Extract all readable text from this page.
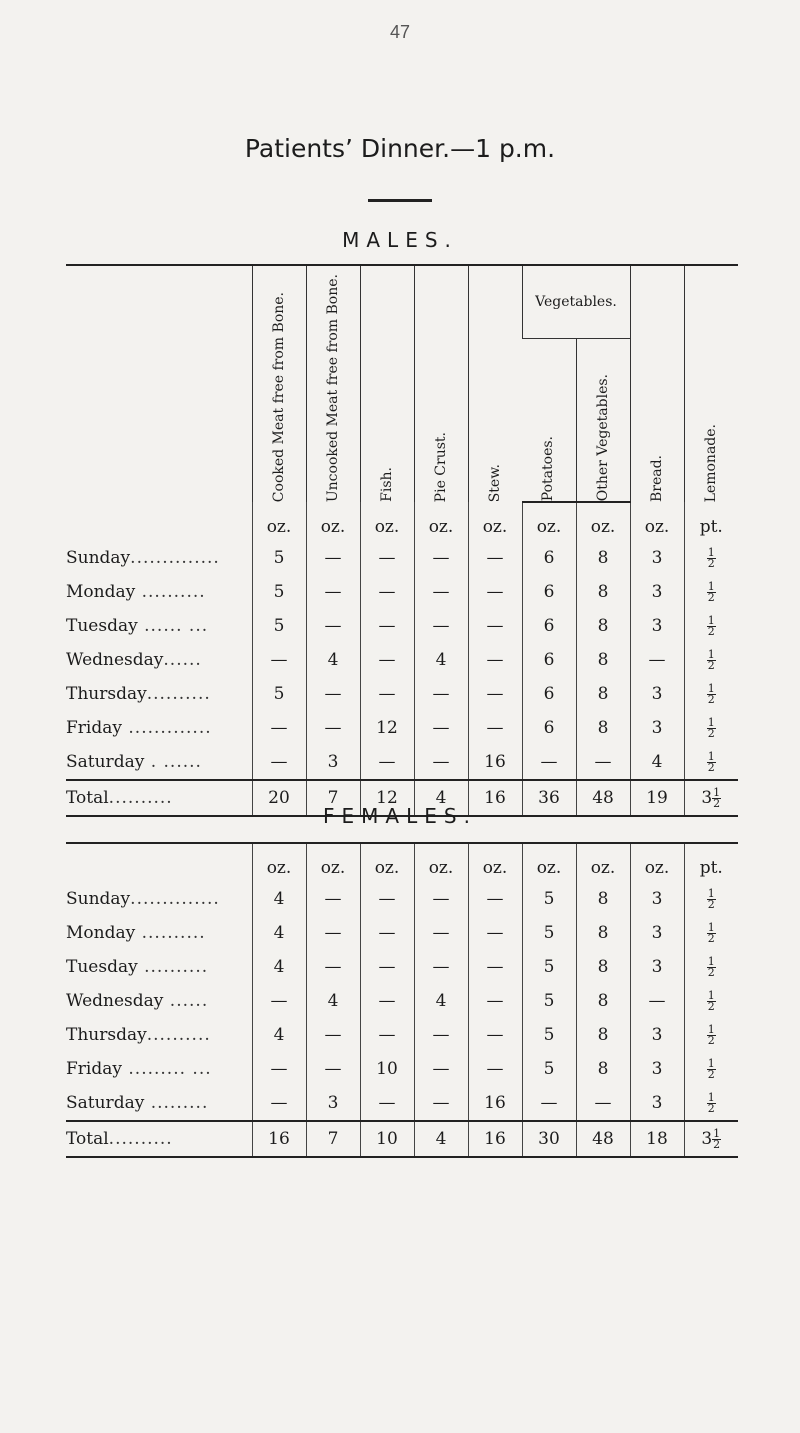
47
Patients’ Dinner.—1 p.m.
MALES.

	Cooked Meat free from Bone.	Uncooked Meat free from Bone.	Fish.	Pie Crust.	Stew.	Vegetables.		Bread.	Lemonade.

						Potatoes.	Other Vegetables.		

	oz.	oz.	oz.	oz.	oz.	oz.	oz.	oz.	pt.
Sunday..............	5	—	—	—	—	6	8	3	$\frac{1}{2}$

Monday ..........	5	—	—	—	—	6	8	3	$\frac{1}{2}$

Tuesday ...... ...	5	—	—	—	—	6	8	3	$\frac{1}{2}$

Wednesday......	—	4	—	4	—	6	8	—	$\frac{1}{2}$

Thursday..........	5	—	—	—	—	6	8	3	$\frac{1}{2}$

Friday .............	—	—	12	—	—	6	8	3	$\frac{1}{2}$

Saturday . ......	—	3	—	—	16	—	—	4	$\frac{1}{2}$

Total..........	20	7	12	4	16	36	48	19	$3 \frac{1}{2}$
FEMALES.
	oz.	oz.	oz.	oz.	oz.	oz.	oz.	oz.	pt.
Sunday..............	4	—	—	—	—	5	8	3	$\frac{1}{2}$

Monday ..........	4	—	—	—	—	5	8	3	$\frac{1}{2}$

Tuesday ..........	4	—	—	—	—	5	8	3	$\frac{1}{2}$

Wednesday ......	—	4	—	4	—	5	8	—	$\frac{1}{2}$

Thursday..........	4	—	—	—	—	5	8	3	$\frac{1}{2}$

Friday ......... ...	—	—	10	—	—	5	8	3	$\frac{1}{2}$

Saturday .........	—	3	—	—	16	—	—	3	$\frac{1}{2}$

Total..........	16	7	10	4	16	30	48	18	$3 \frac{1}{2}$
